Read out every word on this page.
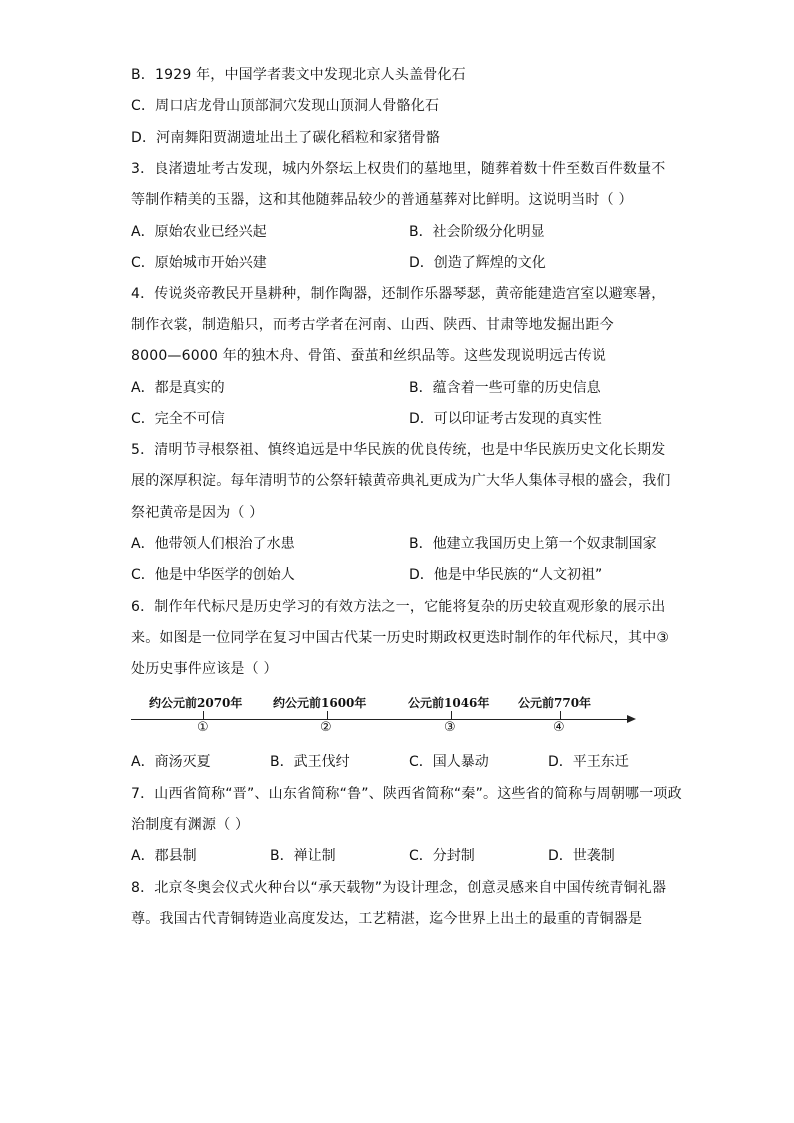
B．1929 年，中国学者裴文中发现北京人头盖骨化石
C．周口店龙骨山顶部洞穴发现山顶洞人骨骼化石
D．河南舞阳贾湖遗址出土了碳化稻粒和家猪骨骼
3．良渚遗址考古发现，城内外祭坛上权贵们的墓地里，随葬着数十件至数百件数量不
等制作精美的玉器，这和其他随葬品较少的普通墓葬对比鲜明。这说明当时（ ）
A．原始农业已经兴起	B．社会阶级分化明显
C．原始城市开始兴建	D．创造了辉煌的文化
4．传说炎帝教民开垦耕种，制作陶器，还制作乐器琴瑟，黄帝能建造宫室以避寒暑，
制作衣裳，制造船只，而考古学者在河南、山西、陕西、甘肃等地发掘出距今
8000—6000 年的独木舟、骨笛、蚕茧和丝织品等。这些发现说明远古传说
A．都是真实的	B．蕴含着一些可靠的历史信息
C．完全不可信	D．可以印证考古发现的真实性
5．清明节寻根祭祖、慎终追远是中华民族的优良传统，也是中华民族历史文化长期发
展的深厚积淀。每年清明节的公祭轩辕黄帝典礼更成为广大华人集体寻根的盛会，我们
祭祀黄帝是因为（ ）
A．他带领人们根治了水患	B．他建立我国历史上第一个奴隶制国家
C．他是中华医学的创始人	D．他是中华民族的“人文初祖”
6．制作年代标尺是历史学习的有效方法之一，它能将复杂的历史较直观形象的展示出
来。如图是一位同学在复习中国古代某一历史时期政权更迭时制作的年代标尺，其中③
处历史事件应该是（ ）
约公元前2070年	约公元前1600年	公元前1046年 公元前770年
①	②	③	④
A．商汤灭夏	B．武王伐纣	C．国人暴动	D．平王东迁
7．山西省简称“晋”、山东省简称“鲁”、陕西省简称“秦”。这些省的简称与周朝哪一项政
治制度有渊源（ ）
A．郡县制	B．禅让制	C．分封制	D．世袭制
8．北京冬奥会仪式火种台以“承天载物”为设计理念，创意灵感来自中国传统青铜礼器
尊。我国古代青铜铸造业高度发达，工艺精湛，迄今世界上出土的最重的青铜器是
